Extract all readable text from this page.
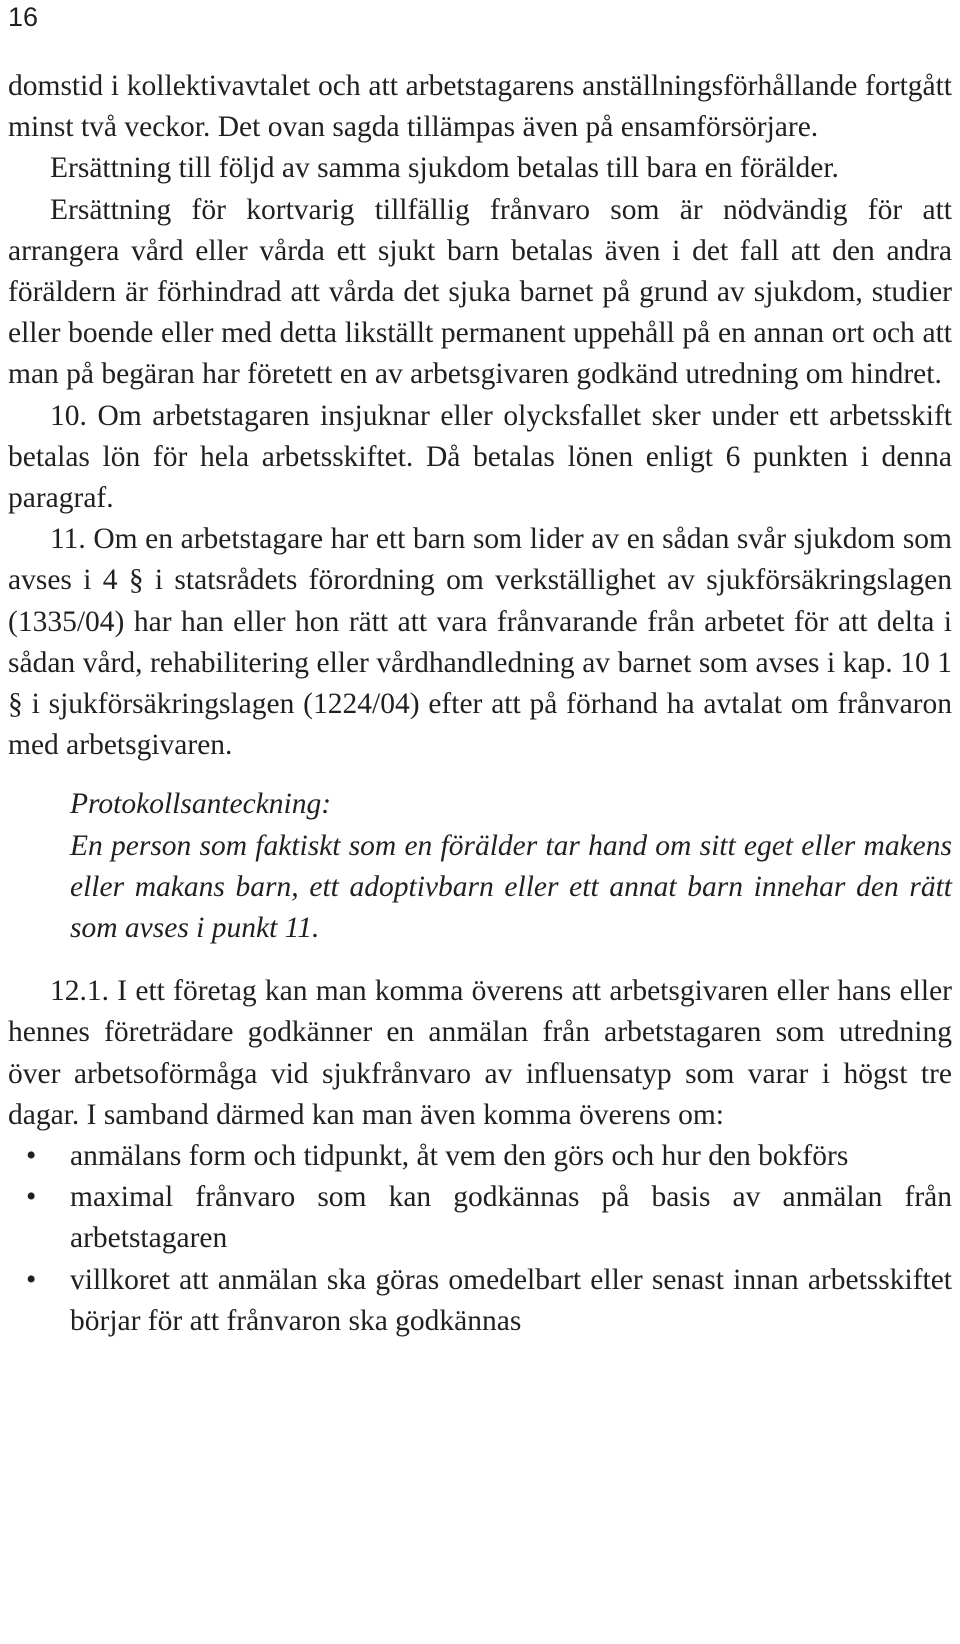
16

domstid i kollektivavtalet och att arbetstagarens anställningsförhållande fortgått minst två veckor. Det ovan sagda tillämpas även på ensamförsörjare.

Ersättning till följd av samma sjukdom betalas till bara en förälder.

Ersättning för kortvarig tillfällig frånvaro som är nödvändig för att arrangera vård eller vårda ett sjukt barn betalas även i det fall att den andra föräldern är förhindrad att vårda det sjuka barnet på grund av sjukdom, studier eller boende eller med detta likställt permanent uppehåll på en annan ort och att man på begäran har företett en av arbetsgivaren godkänd utredning om hindret.

10. Om arbetstagaren insjuknar eller olycksfallet sker under ett arbetsskift betalas lön för hela arbetsskiftet. Då betalas lönen enligt 6 punkten i denna paragraf.

11. Om en arbetstagare har ett barn som lider av en sådan svår sjukdom som avses i 4 § i statsrådets förordning om verkställighet av sjukförsäkringslagen (1335/04) har han eller hon rätt att vara frånvarande från arbetet för att delta i sådan vård, rehabilitering eller vårdhandledning av barnet som avses i kap. 10 1 § i sjukförsäkringslagen (1224/04) efter att på förhand ha avtalat om frånvaron med arbetsgivaren.

Protokollsanteckning:

En person som faktiskt som en förälder tar hand om sitt eget eller makens eller makans barn, ett adoptivbarn eller ett annat barn innehar den rätt som avses i punkt 11.

12.1. I ett företag kan man komma överens att arbetsgivaren eller hans eller hennes företrädare godkänner en anmälan från arbetstagaren som utredning över arbetsoförmåga vid sjukfrånvaro av influensatyp som varar i högst tre dagar. I samband därmed kan man även komma överens om:

• anmälans form och tidpunkt, åt vem den görs och hur den bokförs
• maximal frånvaro som kan godkännas på basis av anmälan från arbetstagaren
• villkoret att anmälan ska göras omedelbart eller senast innan arbetsskiftet börjar för att frånvaron ska godkännas
